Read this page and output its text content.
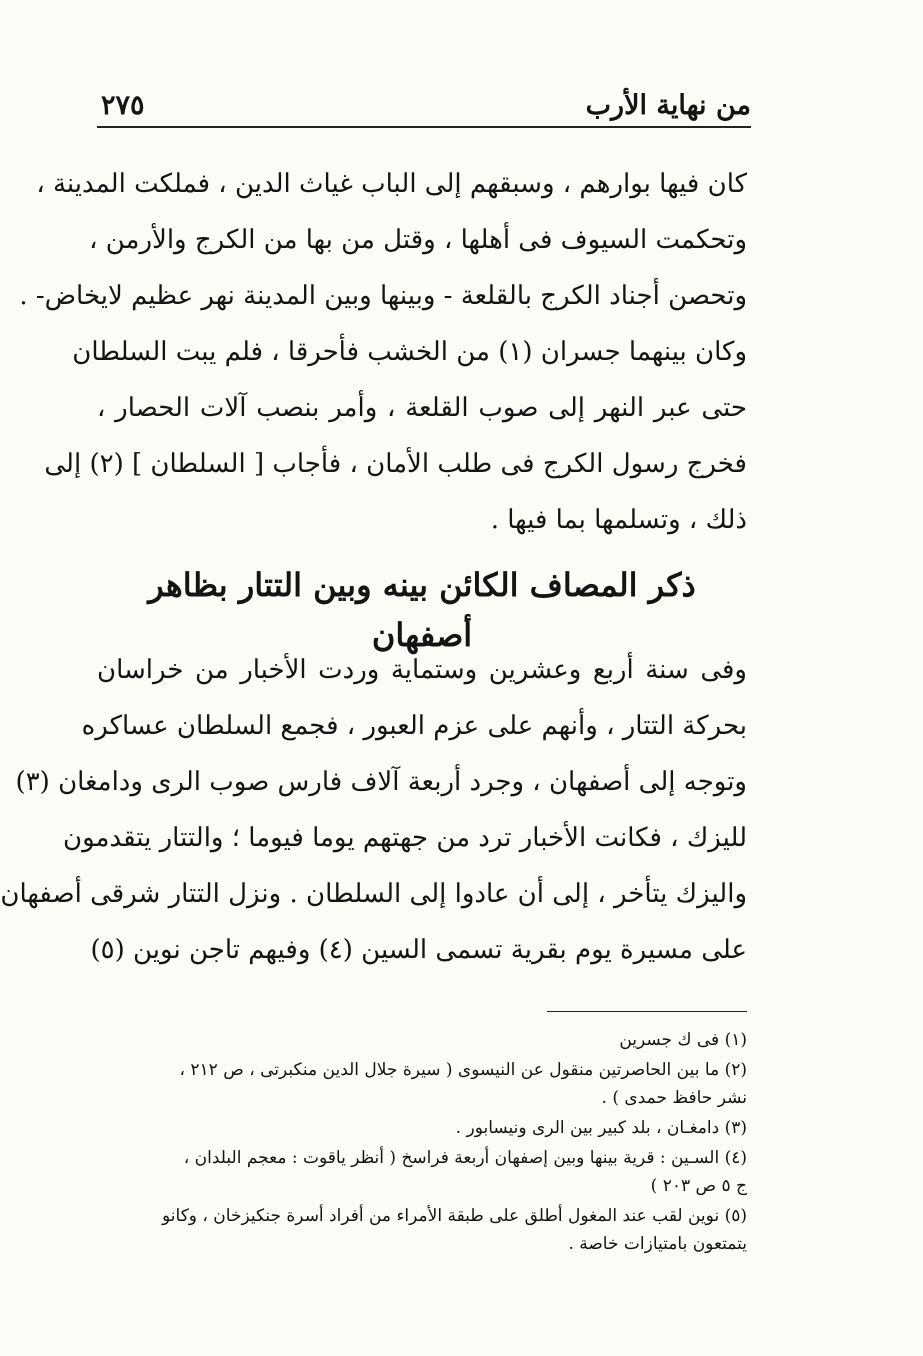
من نهاية الأرب
٢٧٥
كان فيها بوارهم ، وسبقهم إلى الباب غياث الدين ، فملكت المدينة ،
وتحكمت السيوف فى أهلها ، وقتل من بها من الكرج والأرمن ،
وتحصن أجناد الكرج بالقلعة - وبينها وبين المدينة نهر عظيم لايخاض- .
وكان بينهما جسران (١) من الخشب فأحرقا ، فلم يبت السلطان
حتى عبر النهر إلى صوب القلعة ، وأمر بنصب آلات الحصار ،
فخرج رسول الكرج فى طلب الأمان ، فأجاب [ السلطان ] (٢) إلى
ذلك ، وتسلمها بما فيها .
ذكر المصاف الكائن بينه وبين التتار بظاهر أصفهان
وفى سنة أربع وعشرين وستماية وردت الأخبار من خراسان
بحركة التتار ، وأنهم على عزم العبور ، فجمع السلطان عساكره
وتوجه إلى أصفهان ، وجرد أربعة آلاف فارس صوب الرى ودامغان (٣)
لليزك ، فكانت الأخبار ترد من جهتهم يوما فيوما ؛ والتتار يتقدمون
واليزك يتأخر ، إلى أن عادوا إلى السلطان . ونزل التتار شرقى أصفهان
على مسيرة يوم بقرية تسمى السين (٤) وفيهم تاجن نوين (٥)
(١) فى ك جسرين
(٢) ما بين الحاصرتين منقول عن النيسوى ( سيرة جلال الدين منكبرتى ، ص ٢١٢ ،
نشر حافظ حمدى ) .
(٣) دامغـان ، بلد كبير بين الرى ونيسابور .
(٤) السـين : قرية بينها وبين إصفهان أربعة فراسخ ( أنظر ياقوت : معجم البلدان ،
ج ٥ ص ٢٠٣ )
(٥) نوين لقب عند المغول أطلق على طبقة الأمراء من أفراد أسرة جنكيزخان ، وكانو
يتمتعون بامتيازات خاصة .
